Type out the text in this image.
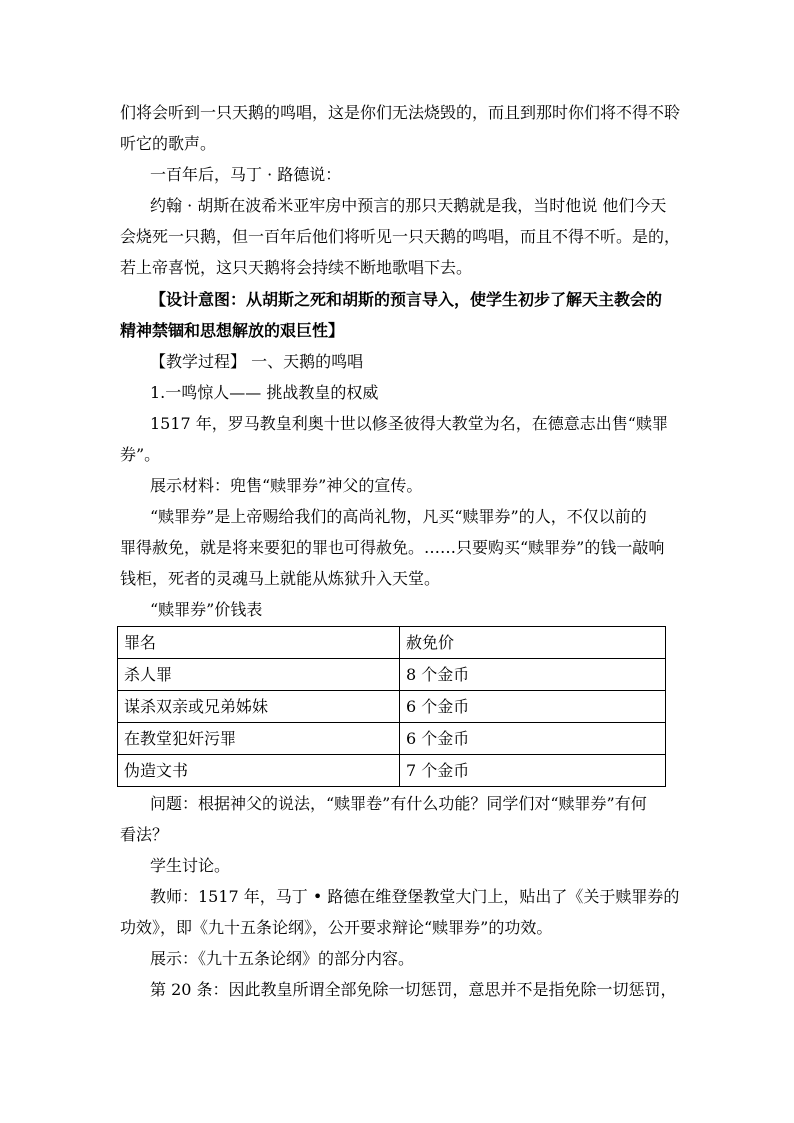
们将会听到一只天鹅的鸣唱，这是你们无法烧毁的，而且到那时你们将不得不聆
听它的歌声。
一百年后，马丁 · 路德说：
约翰 · 胡斯在波希米亚牢房中预言的那只天鹅就是我，当时他说 他们今天
会烧死一只鹅，但一百年后他们将听见一只天鹅的鸣唱，而且不得不听。是的，
若上帝喜悦，这只天鹅将会持续不断地歌唱下去。
【设计意图：从胡斯之死和胡斯的预言导入，使学生初步了解天主教会的
精神禁锢和思想解放的艰巨性】
【教学过程】 一、天鹅的鸣唱
1.一鸣惊人—— 挑战教皇的权威
1517 年，罗马教皇利奥十世以修圣彼得大教堂为名，在德意志出售“赎罪
券”。
展示材料：兜售“赎罪券”神父的宣传。
“赎罪券”是上帝赐给我们的高尚礼物，凡买“赎罪券”的人，不仅以前的
罪得赦免，就是将来要犯的罪也可得赦免。……只要购买“赎罪券”的钱一敲响
钱柜，死者的灵魂马上就能从炼狱升入天堂。
“赎罪券”价钱表
罪名	赦免价
杀人罪	8 个金币
谋杀双亲或兄弟姊妹	6 个金币
在教堂犯奸污罪	6 个金币
伪造文书	7 个金币
问题：根据神父的说法，“赎罪卷”有什么功能？同学们对“赎罪券”有何
看法？
学生讨论。
教师：1517 年，马丁 • 路德在维登堡教堂大门上，贴出了《关于赎罪券的
功效》，即《九十五条论纲》，公开要求辩论“赎罪券”的功效。
展示：《九十五条论纲》的部分内容。
第 20 条：因此教皇所谓全部免除一切惩罚，意思并不是指免除一切惩罚，
